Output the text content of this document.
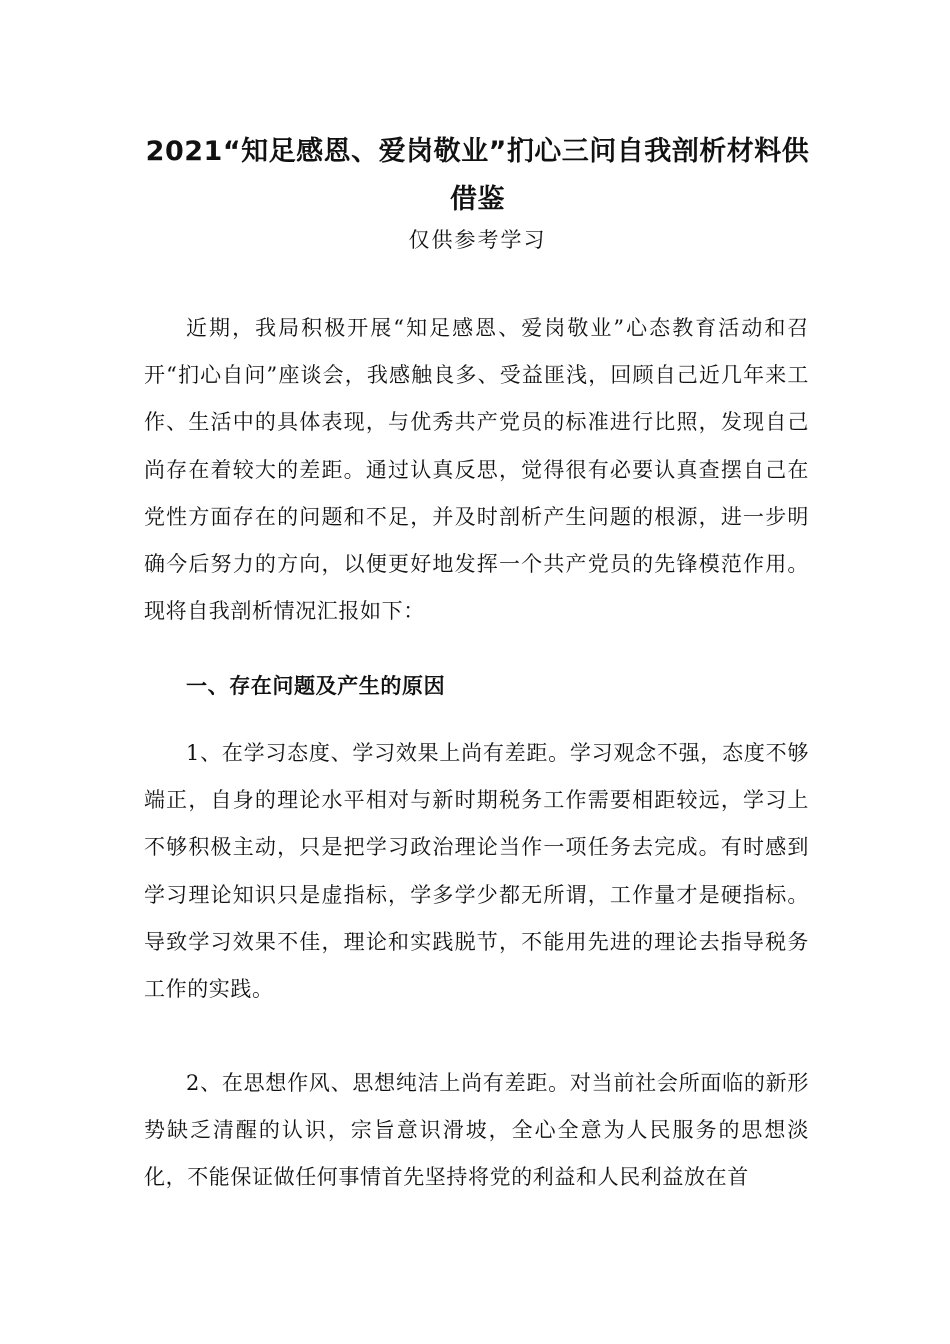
2021“知足感恩、爱岗敬业”扪心三问自我剖析材料供借鉴

仅供参考学习

近期，我局积极开展“知足感恩、爱岗敬业”心态教育活动和召开“扪心自问”座谈会，我感触良多、受益匪浅，回顾自己近几年来工作、生活中的具体表现，与优秀共产党员的标准进行比照，发现自己尚存在着较大的差距。通过认真反思，觉得很有必要认真查摆自己在党性方面存在的问题和不足，并及时剖析产生问题的根源，进一步明确今后努力的方向，以便更好地发挥一个共产党员的先锋模范作用。现将自我剖析情况汇报如下：

一、存在问题及产生的原因

1、在学习态度、学习效果上尚有差距。学习观念不强，态度不够端正，自身的理论水平相对与新时期税务工作需要相距较远，学习上不够积极主动，只是把学习政治理论当作一项任务去完成。有时感到学习理论知识只是虚指标，学多学少都无所谓，工作量才是硬指标。导致学习效果不佳，理论和实践脱节，不能用先进的理论去指导税务工作的实践。

2、在思想作风、思想纯洁上尚有差距。对当前社会所面临的新形势缺乏清醒的认识，宗旨意识滑坡，全心全意为人民服务的思想淡化，不能保证做任何事情首先坚持将党的利益和人民利益放在首
